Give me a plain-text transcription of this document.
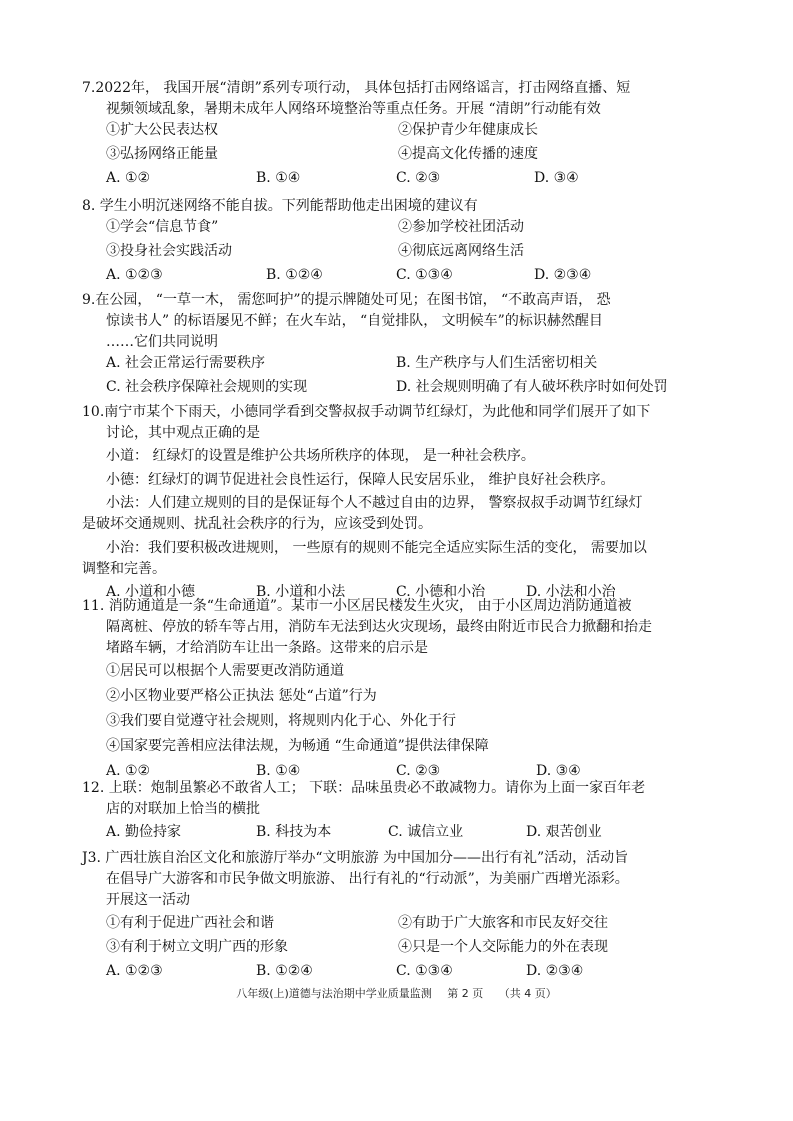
7.2022年， 我国开展“清朗”系列专项行动， 具体包括打击网络谣言，打击网络直播、短
视频领域乱象，暑期未成年人网络环境整治等重点任务。开展 “清朗”行动能有效
①扩大公民表达权	②保护青少年健康成长
③弘扬网络正能量	④提高文化传播的速度
A. ①②	B. ①④	C. ②③	D. ③④
8. 学生小明沉迷网络不能自拔。下列能帮助他走出困境的建议有
①学会“信息节食”	②参加学校社团活动
③投身社会实践活动	④彻底远离网络生活
A. ①②③	B. ①②④	C. ①③④	D. ②③④
9.在公园， “一草一木， 需您呵护”的提示牌随处可见；在图书馆， “不敢高声语， 恐
惊读书人” 的标语屡见不鲜；在火车站， “自觉排队， 文明候车”的标识赫然醒目
……它们共同说明
A. 社会正常运行需要秩序	B. 生产秩序与人们生活密切相关
C. 社会秩序保障社会规则的实现	D. 社会规则明确了有人破坏秩序时如何处罚
10.南宁市某个下雨天，小德同学看到交警叔叔手动调节红绿灯，为此他和同学们展开了如下
讨论，其中观点正确的是
小道： 红绿灯的设置是维护公共场所秩序的体现， 是一种社会秩序。
小德：红绿灯的调节促进社会良性运行，保障人民安居乐业， 维护良好社会秩序。
小法：人们建立规则的目的是保证每个人不越过自由的边界， 警察叔叔手动调节红绿灯
是破坏交通规则、扰乱社会秩序的行为，应该受到处罚。
小治：我们要积极改进规则， 一些原有的规则不能完全适应实际生活的变化， 需要加以
调整和完善。
A. 小道和小德	B. 小道和小法	C. 小德和小治	D. 小法和小治
11. 消防通道是一条“生命通道”。某市一小区居民楼发生火灾， 由于小区周边消防通道被
隔离桩、停放的轿车等占用，消防车无法到达火灾现场，最终由附近市民合力掀翻和抬走
堵路车辆，才给消防车让出一条路。这带来的启示是
①居民可以根据个人需要更改消防通道
②小区物业要严格公正执法 惩处“占道”行为
③我们要自觉遵守社会规则，将规则内化于心、外化于行
④国家要完善相应法律法规，为畅通 “生命通道”提供法律保障
A. ①②	B. ①④	C. ②③	D. ③④
12. 上联：炮制虽繁必不敢省人工； 下联：品味虽贵必不敢减物力。请你为上面一家百年老
店的对联加上恰当的横批
A. 勤俭持家	B. 科技为本	C. 诚信立业	D. 艰苦创业
J3. 广西壮族自治区文化和旅游厅举办“文明旅游 为中国加分——出行有礼”活动，活动旨
在倡导广大游客和市民争做文明旅游、 出行有礼的“行动派”，为美丽广西增光添彩。
开展这一活动
①有利于促进广西社会和谐	②有助于广大旅客和市民友好交往
③有利于树立文明广西的形象	④只是一个人交际能力的外在表现
A. ①②③	B. ①②④	C. ①③④	D. ②③④
八年级(上)道德与法治期中学业质量监测 第 2 页 （共 4 页）
